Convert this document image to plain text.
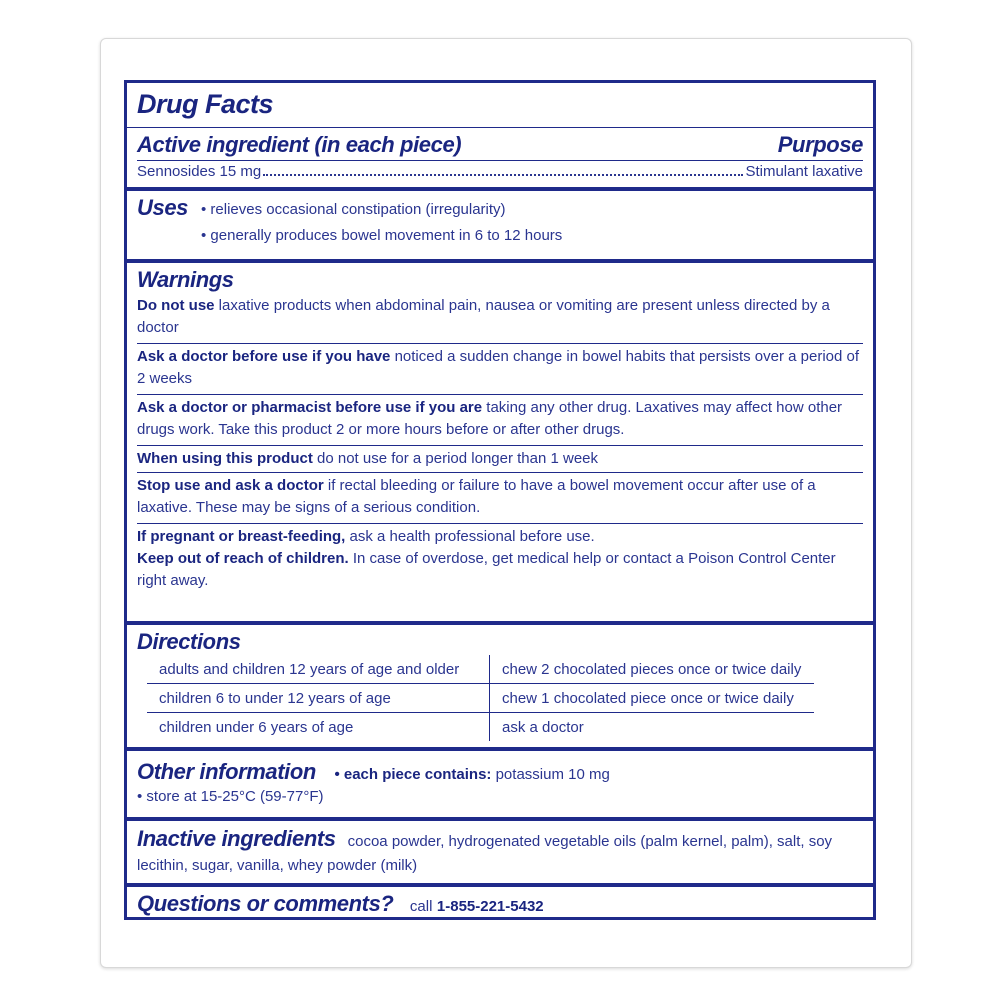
Drug Facts
Active ingredient (in each piece)	Purpose
Sennosides 15 mg	Stimulant laxative
Uses • relieves occasional constipation (irregularity)
• generally produces bowel movement in 6 to 12 hours
Warnings
Do not use laxative products when abdominal pain, nausea or vomiting are present unless directed by a doctor
Ask a doctor before use if you have noticed a sudden change in bowel habits that persists over a period of 2 weeks
Ask a doctor or pharmacist before use if you are taking any other drug. Laxatives may affect how other drugs work. Take this product 2 or more hours before or after other drugs.
When using this product do not use for a period longer than 1 week
Stop use and ask a doctor if rectal bleeding or failure to have a bowel movement occur after use of a laxative. These may be signs of a serious condition.
If pregnant or breast-feeding, ask a health professional before use.
Keep out of reach of children. In case of overdose, get medical help or contact a Poison Control Center right away.
Directions
adults and children 12 years of age and older	chew 2 chocolated pieces once or twice daily
children 6 to under 12 years of age	chew 1 chocolated piece once or twice daily
children under 6 years of age	ask a doctor
Other information • each piece contains: potassium 10 mg
• store at 15-25°C (59-77°F)
Inactive ingredients cocoa powder, hydrogenated vegetable oils (palm kernel, palm), salt, soy lecithin, sugar, vanilla, whey powder (milk)
Questions or comments? call 1-855-221-5432
